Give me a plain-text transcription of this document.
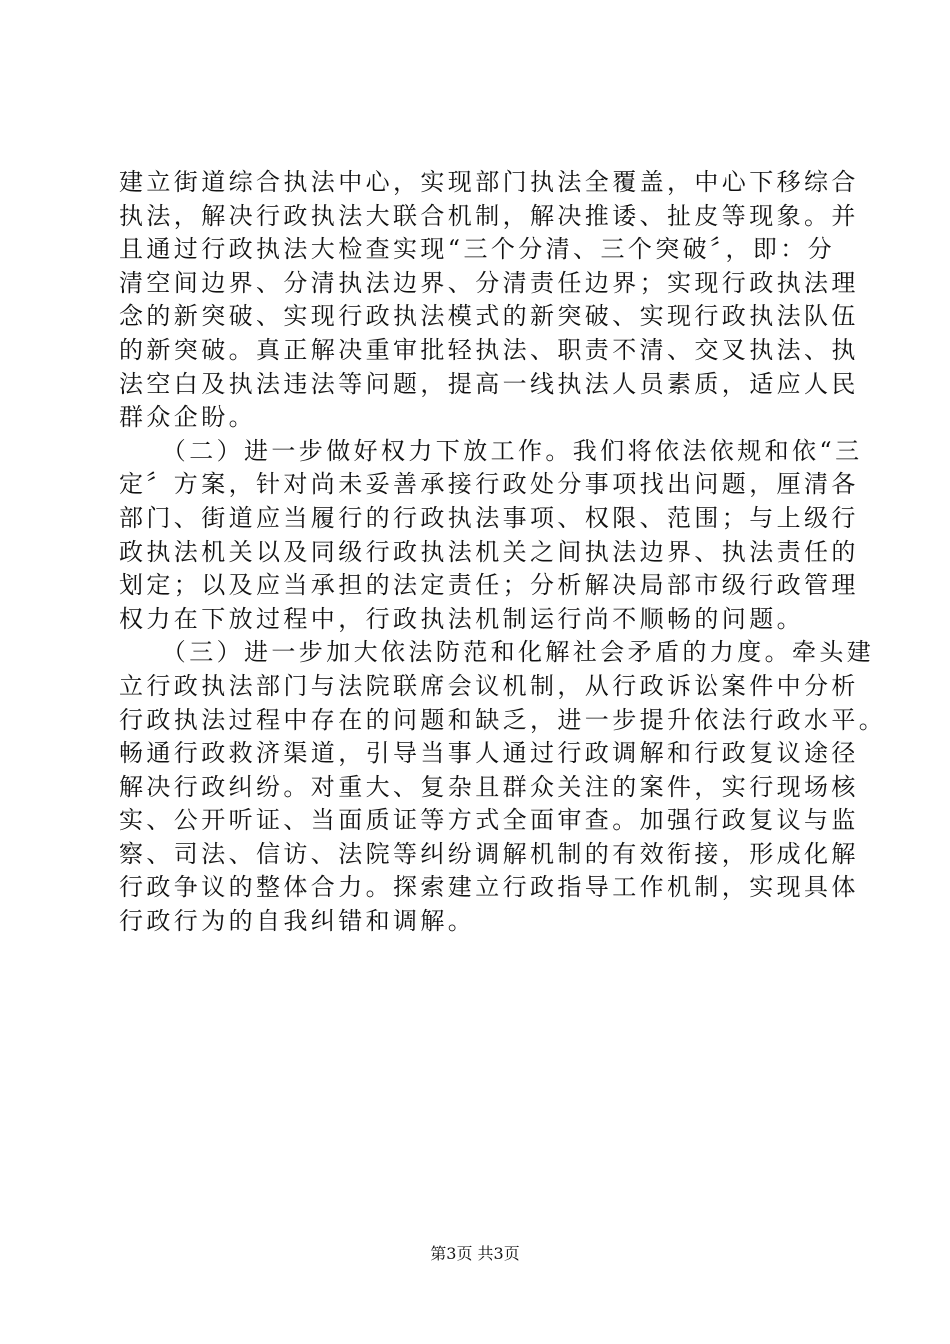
建立街道综合执法中心，实现部门执法全覆盖，中心下移综合
执法，解决行政执法大联合机制，解决推诿、扯皮等现象。并
且通过行政执法大检查实现“三个分清、三个突破〞，即：分
清空间边界、分清执法边界、分清责任边界；实现行政执法理
念的新突破、实现行政执法模式的新突破、实现行政执法队伍
的新突破。真正解决重审批轻执法、职责不清、交叉执法、执
法空白及执法违法等问题，提高一线执法人员素质，适应人民
群众企盼。
　　（二）进一步做好权力下放工作。我们将依法依规和依“三
定〞方案，针对尚未妥善承接行政处分事项找出问题，厘清各
部门、街道应当履行的行政执法事项、权限、范围；与上级行
政执法机关以及同级行政执法机关之间执法边界、执法责任的
划定；以及应当承担的法定责任；分析解决局部市级行政管理
权力在下放过程中，行政执法机制运行尚不顺畅的问题。
　　（三）进一步加大依法防范和化解社会矛盾的力度。牵头建
立行政执法部门与法院联席会议机制，从行政诉讼案件中分析
行政执法过程中存在的问题和缺乏，进一步提升依法行政水平。
畅通行政救济渠道，引导当事人通过行政调解和行政复议途径
解决行政纠纷。对重大、复杂且群众关注的案件，实行现场核
实、公开听证、当面质证等方式全面审查。加强行政复议与监
察、司法、信访、法院等纠纷调解机制的有效衔接，形成化解
行政争议的整体合力。探索建立行政指导工作机制，实现具体
行政行为的自我纠错和调解。
第3页 共3页
